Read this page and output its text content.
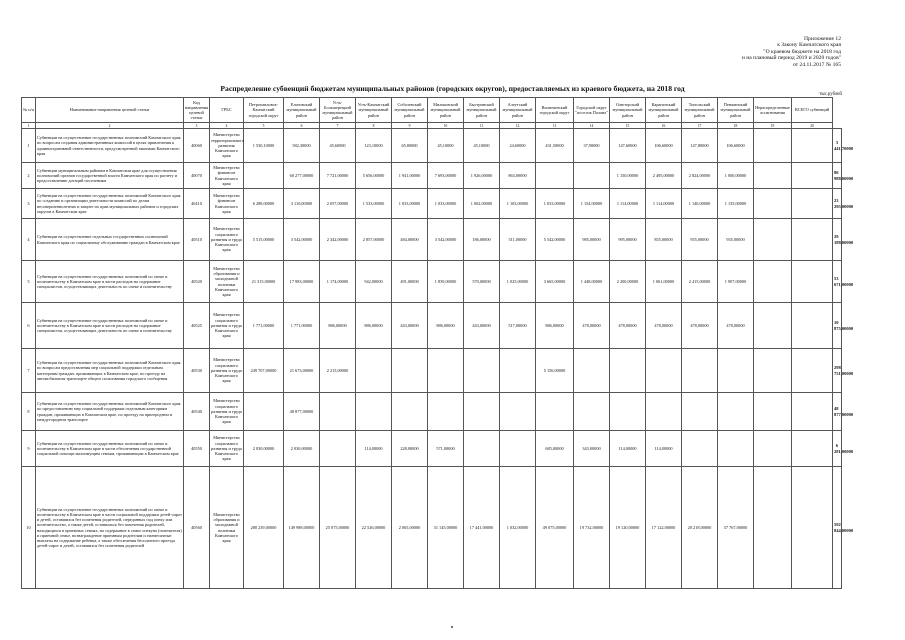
Приложение 12
к Закону Камчатского края
"О краевом бюджете на 2018 год
и на плановый период 2019 и 2020 годов"
от 24.11.2017 № 165
Распределение субвенций бюджетам муниципальных районов (городских округов), предоставляемых из краевого бюджета, на 2018 год
тыс.рублей
№ п/п	Наименование направления целевой статьи	Код направления целевой статьи	ГРБС	Петропавловск-Камчатский городской округ	Елизовский муниципальный район	Усть-Большерецкий муниципальный район	Усть-Камчатский муниципальный район	Соболевский муниципальный район	Мильковский муниципальный район	Быстринский муниципальный район	Алеутский муниципальный район	Вилючинский городской округ	Городской округ "поселок Палана"	Олюторский муниципальный район	Карагинский муниципальный район	Тигильский муниципальный район	Пенжинский муниципальный район	Нераспределенные ассигнования	ВСЕГО субвенций	
1	2	3	4	5	6	7	8	9	10	11	12	13	14	15	16	17	18	19	20	
1	Субвенции на осуществление государственных полномочий Камчатского края по вопросам создания административных комиссий в целях привлечения к административной ответственности, предусмотренной законами Камчатского края	40060	Министерство территориального развития Камчатского края	1 530,10000	582,30000	45,60000	123,10000	65,80000	45,10000	45,10000	24,60000	431,50000	37,90000	147,60000	106,60000	147,80000	106,60000			3 441,70000
2	Субвенции муниципальным районам в Камчатском крае для осуществления полномочий органов государственной власти Камчатского края по расчету и предоставлению дотаций поселениям	40070	Министерство финансов Камчатского края		60 277,00000	7 721,00000	5 656,00000	1 941,00000	7 693,00000	1 926,00000	863,00000			1 150,00000	2 495,00000	2 824,00000	1 000,00000			86 988,00000
3	Субвенции на осуществление государственных полномочий Камчатского края по созданию и организации деятельности комиссий по делам несовершеннолетних и защите их прав муниципальных районов и городских округов в Камчатском крае	40410	Министерство финансов Камчатского края	6 288,00000	3 110,00000	2 057,00000	1 533,00000	1 033,00000	1 033,00000	1 002,00000	1 103,00000	1 033,00000	1 154,00000	1 114,00000	1 114,00000	1 140,00000	1 135,00000			23 295,00000
4	Субвенции на осуществление отдельных государственных полномочий Камчатского края по социальному обслуживанию граждан в Камчатском крае	40510	Министерство социального развития и труда Камчатского края	5 515,00000	3 542,00000	2 342,00000	2 857,00000	484,00000	3 542,00000	186,00000	511,00000	5 542,00000	985,00000	995,00000	855,00000	955,00000	935,00000			29 188,00000
5	Субвенции на осуществление государственных полномочий по опеке и попечительству в Камчатском крае в части расходов на содержание специалистов, осуществляющих деятельность по опеке и попечительству	40520	Министерство образования и молодежной политики Камчатского края	21 315,00000	17 983,00000	1 174,00000	942,00000	491,00000	1 839,00000	570,00000	1 025,00000	3 665,00000	1 448,00000	2 200,00000	1 061,00000	2 415,00000	1 907,00000			53 671,00000
6	Субвенции на осуществление государственных полномочий по опеке и попечительству в Камчатском крае в части расходов на содержание специалистов, осуществляющих деятельность по опеке и попечительству	40525	Министерство социального развития и труда Камчатского края	1 771,00000	1 771,00000	886,00000	886,00000	443,00000	886,00000	443,00000	517,00000	886,00000	478,00000	478,00000	478,00000	478,00000	478,00000			10 875,00000
7	Субвенции на осуществление государственных полномочий Камчатского края по вопросам предоставления мер социальной поддержки отдельным категориям граждан, проживающих в Камчатском крае, по проезду на автомобильном транспорте общего пользования городского сообщения	40530	Министерство социального развития и труда Камчатского края	249 707,00000	21 673,00000	2 215,00000						5 156,00000								298 751,00000
8	Субвенции на осуществление государственных полномочий Камчатского края по предоставлению мер социальной поддержки отдельным категориям граждан, проживающих в Камчатском крае, по проезду на пригородном и междугородном транспорте	40540	Министерство социального развития и труда Камчатского края		48 877,00000															48 877,00000
9	Субвенции на осуществление государственных полномочий по опеке и попечительству в Камчатском крае в части обеспечения государственной социальной помощи малоимущим семьям, проживающим в Камчатском крае	40550	Министерство социального развития и труда Камчатского края	2 030,00000	2 030,00000		114,00000	228,00000	571,00000			685,00000	343,00000	114,00000	114,00000					6 281,00000
10	Субвенции на осуществление государственных полномочий по опеке и попечительству в Камчатском крае в части социальной поддержки детей-сирот и детей, оставшихся без попечения родителей, переданных под опеку или попечительство, а также детей, оставшихся без попечения родителей, находящихся в приемных семьях, на содержание в семье опекуна (попечителя) и приемной семье, вознаграждение приемным родителям и ежемесячные выплаты на содержание ребенка, а также обеспечения бесплатного проезда детей-сирот и детей, оставшихся без попечения родителей	40560	Министерство образования и молодежной политики Камчатского края	280 239,00000	149 988,00000	25 075,00000	22 526,00000	2 065,00000	31 145,00000	17 441,00000	1 032,00000	49 075,00000	19 732,00000	19 120,00000	17 122,00000	20 218,00000	37 767,00000			592 844,00000
